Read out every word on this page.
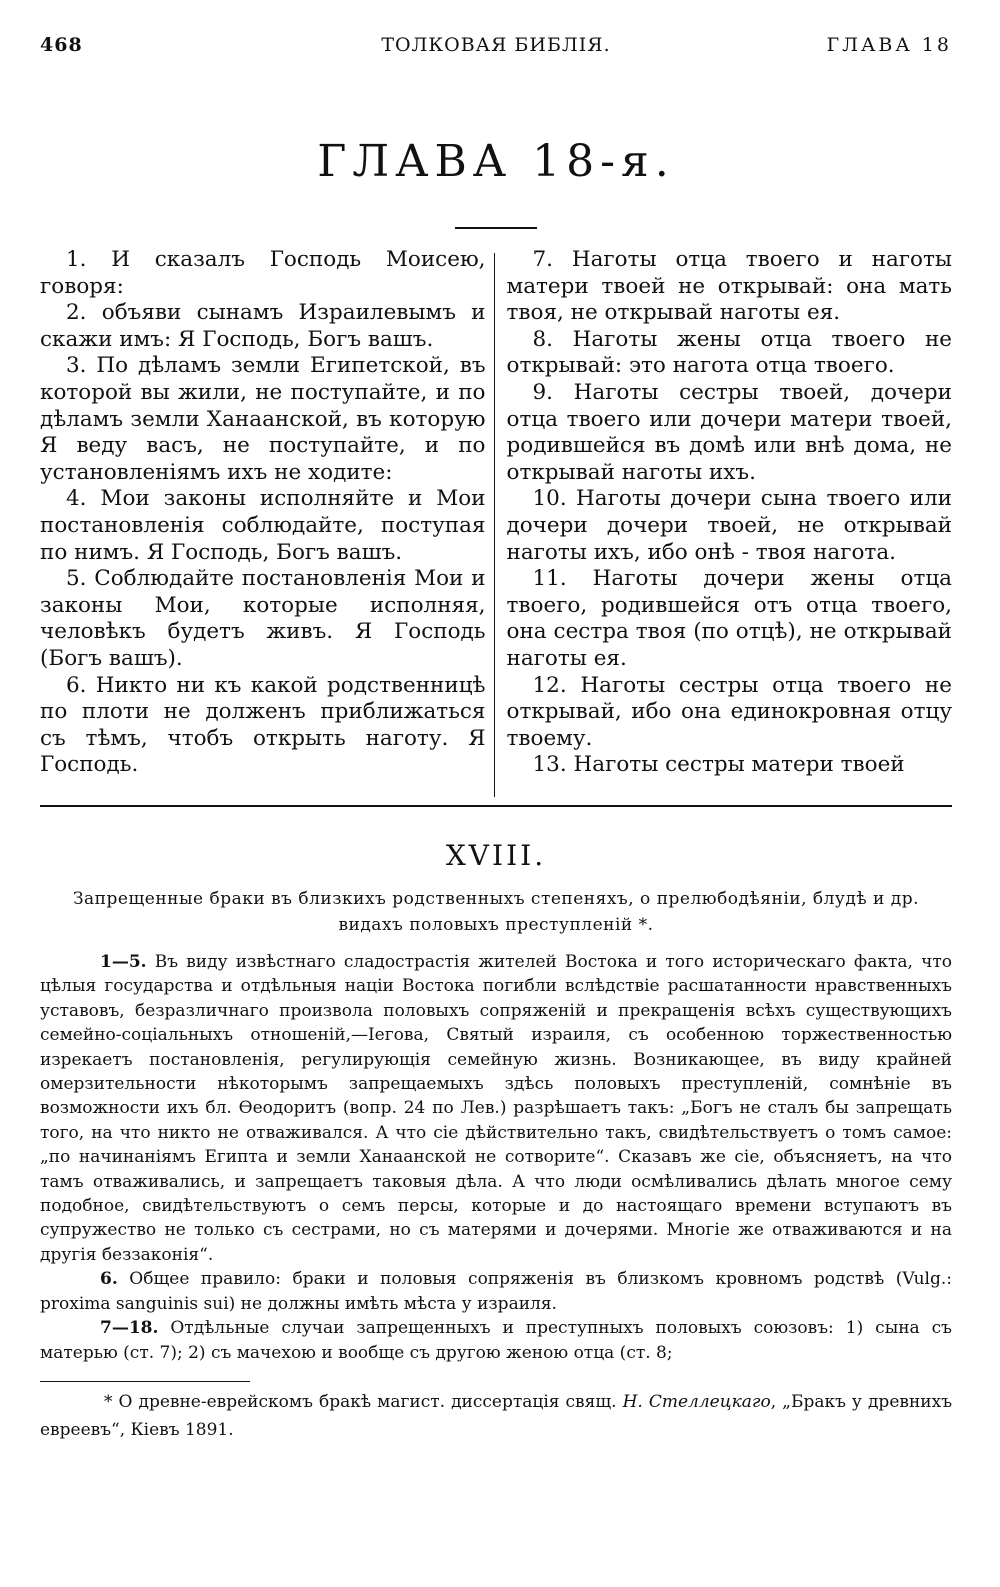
468	ТОЛКОВАЯ БИБЛІЯ.	ГЛАВА 18
ГЛАВА 18-я.

1. И сказалъ Господь Моисею, говоря:

2. объяви сынамъ Израилевымъ и скажи имъ: Я Господь, Богъ вашъ.

3. По дѣламъ земли Египетской, въ которой вы жили, не поступайте, и по дѣламъ земли Ханаанской, въ которую Я веду васъ, не поступайте, и по установленіямъ ихъ не ходите:

4. Мои законы исполняйте и Мои постановленія соблюдайте, поступая по нимъ. Я Господь, Богъ вашъ.

5. Соблюдайте постановленія Мои и законы Мои, которые исполняя, человѣкъ будетъ живъ. Я Господь (Богъ вашъ).

6. Никто ни къ какой родственницѣ по плоти не долженъ приближаться съ тѣмъ, чтобъ открыть наготу. Я Господь.

7. Наготы отца твоего и наготы матери твоей не открывай: она мать твоя, не открывай наготы ея.

8. Наготы жены отца твоего не открывай: это нагота отца твоего.

9. Наготы сестры твоей, дочери отца твоего или дочери матери твоей, родившейся въ домѣ или внѣ дома, не открывай наготы ихъ.

10. Наготы дочери сына твоего или дочери дочери твоей, не открывай наготы ихъ, ибо онѣ - твоя нагота.

11. Наготы дочери жены отца твоего, родившейся отъ отца твоего, она сестра твоя (по отцѣ), не открывай наготы ея.

12. Наготы сестры отца твоего не открывай, ибо она единокровная отцу твоему.

13. Наготы сестры матери твоей

XVIII.
Запрещенные браки въ близкихъ родственныхъ степеняхъ, о прелюбодѣяніи, блудѣ и др. видахъ половыхъ преступленій *.

1—5. Въ виду извѣстнаго сладострастія жителей Востока и того историческаго факта, что цѣлыя государства и отдѣльныя націи Востока погибли вслѣдствіе расшатанности нравственныхъ уставовъ, безразличнаго произвола половыхъ сопряженій и прекращенія всѣхъ существующихъ семейно-соціальныхъ отношеній,—Іегова, Святый израиля, съ особенною торжественностью изрекаетъ постановленія, регулирующія семейную жизнь. Возникающее, въ виду крайней омерзительности нѣкоторымъ запрещаемыхъ здѣсь половыхъ преступленій, сомнѣніе въ возможности ихъ бл. Ѳеодоритъ (вопр. 24 по Лев.) разрѣшаетъ такъ: „Богъ не сталъ бы запрещать того, на что никто не отваживался. А что сіе дѣйствительно такъ, свидѣтельствуетъ о томъ самое: „по начинаніямъ Египта и земли Ханаанской не сотворите“. Сказавъ же сіе, объясняетъ, на что тамъ отваживались, и запрещаетъ таковыя дѣла. А что люди осмѣливались дѣлать многое сему подобное, свидѣтельствуютъ о семъ персы, которые и до настоящаго времени вступаютъ въ супружество не только съ сестрами, но съ матерями и дочерями. Многіе же отваживаются и на другія беззаконія“.

6. Общее правило: браки и половыя сопряженія въ близкомъ кровномъ родствѣ (Vulg.: proxima sanguinis sui) не должны имѣть мѣста у израиля.

7—18. Отдѣльные случаи запрещенныхъ и преступныхъ половыхъ союзовъ: 1) сына съ матерью (ст. 7); 2) съ мачехою и вообще съ другою женою отца (ст. 8;

* О древне-еврейскомъ бракѣ магист. диссертація свящ. Н. Стеллецкаго, „Бракъ у древнихъ евреевъ“, Кіевъ 1891.
